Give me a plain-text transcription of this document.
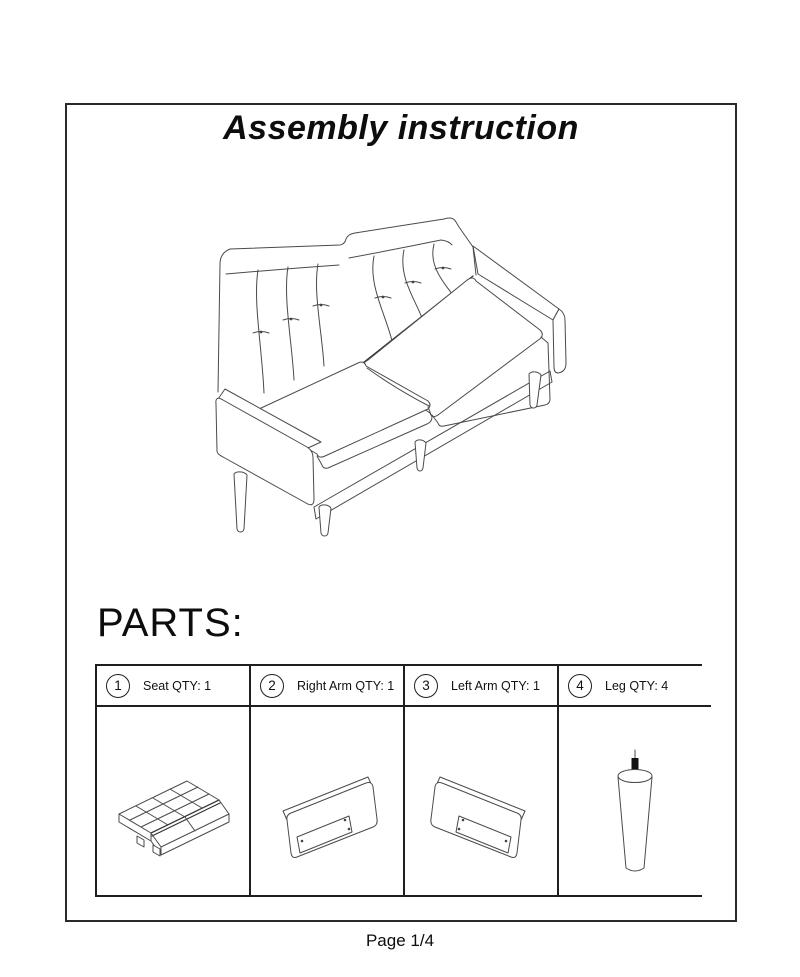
Assembly instruction
PARTS:
1	Seat QTY: 1	2	Right Arm QTY: 1	3	Left Arm QTY: 1	4	Leg QTY: 4
Page 1/4
